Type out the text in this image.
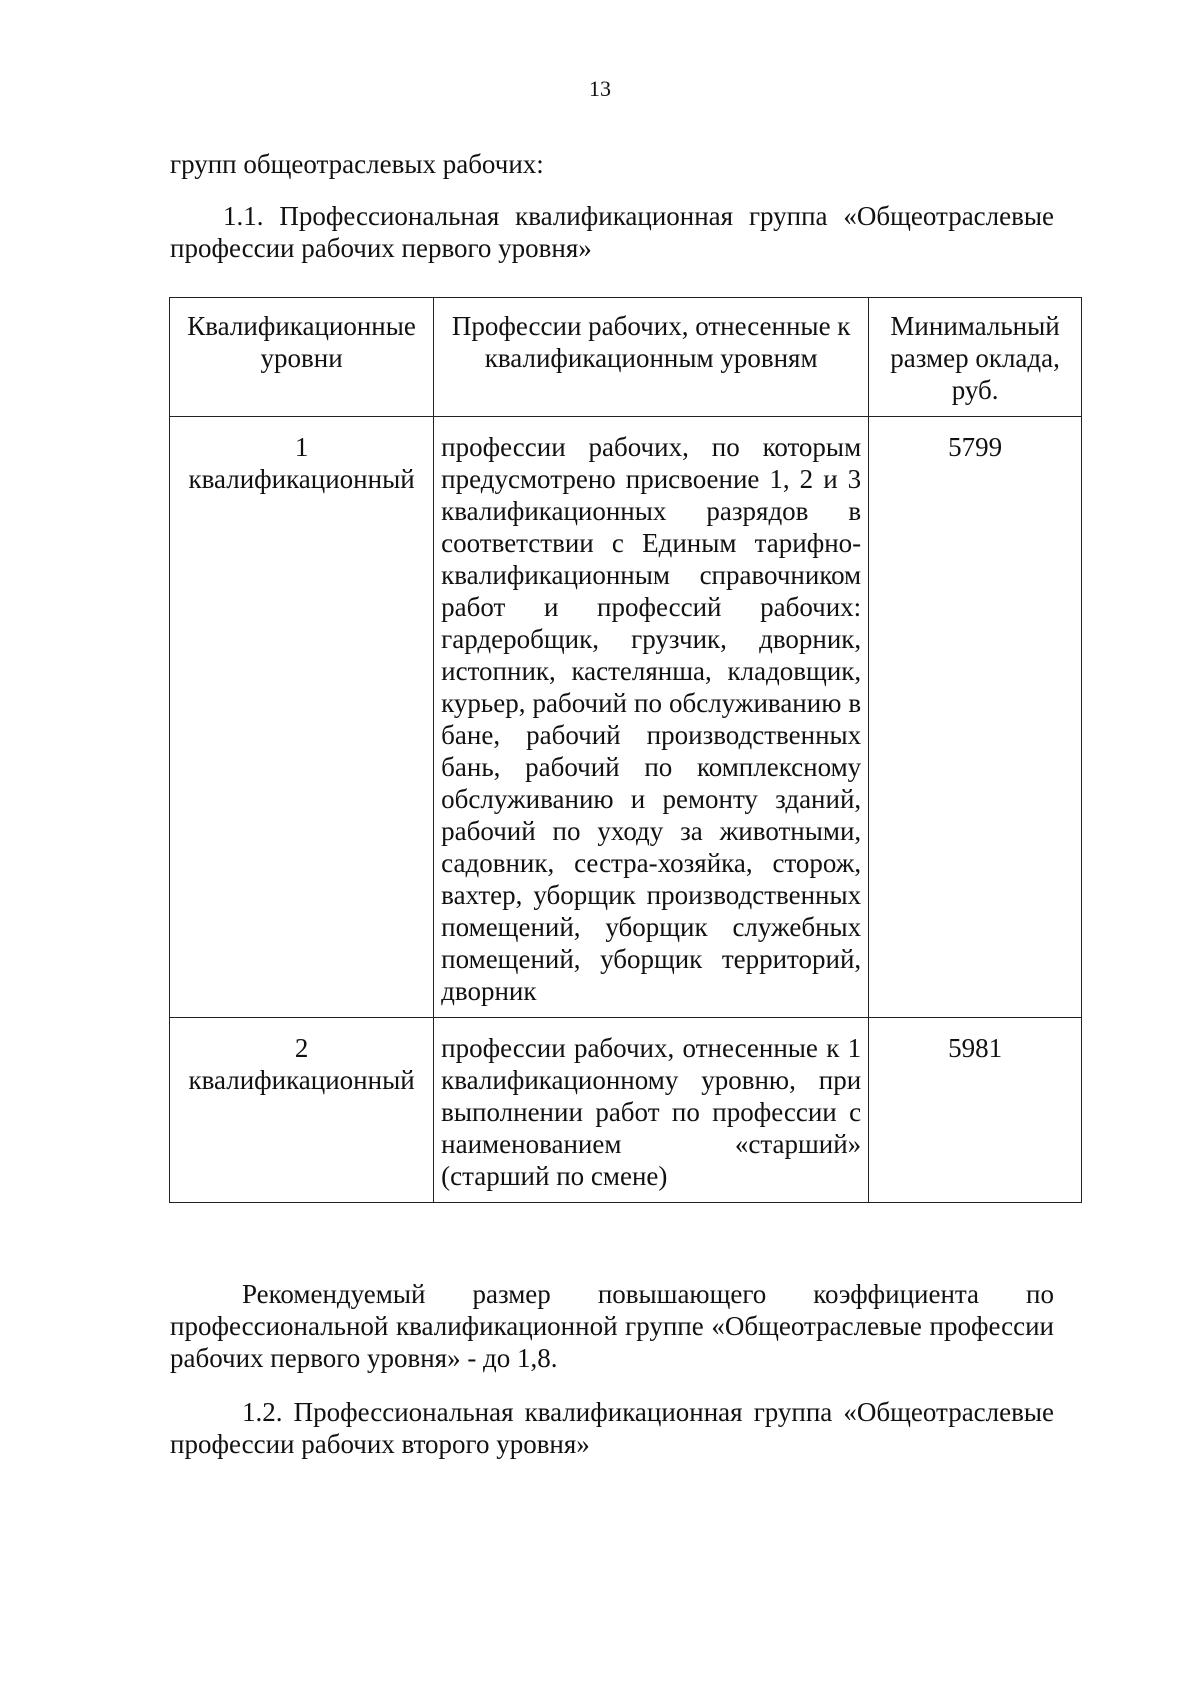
13
групп общеотраслевых рабочих:
1.1. Профессиональная квалификационная группа «Общеотраслевые профессии рабочих первого уровня»
Квалификационные уровни	Профессии рабочих, отнесенные к квалификационным уровням	Минимальный размер оклада, руб.

1
квалификационный	профессии рабочих, по которым предусмотрено присвоение 1, 2 и 3 квалификационных разрядов в соответствии с Единым тарифно-квалификационным справочником работ и профессий рабочих: гардеробщик, грузчик, дворник, истопник, кастелянша, кладовщик, курьер, рабочий по обслуживанию в бане, рабочий производственных бань, рабочий по комплексному обслуживанию и ремонту зданий, рабочий по уходу за животными, садовник, сестра-хозяйка, сторож, вахтер, уборщик производственных помещений, уборщик служебных помещений, уборщик территорий, дворник	5799

2
квалификационный	профессии рабочих, отнесенные к 1 квалификационному уровню, при выполнении работ по профессии с наименованием «старший» (старший по смене)	5981
Рекомендуемый размер повышающего коэффициента по профессиональной квалификационной группе «Общеотраслевые профессии рабочих первого уровня» - до 1,8.
1.2. Профессиональная квалификационная группа «Общеотраслевые профессии рабочих второго уровня»
